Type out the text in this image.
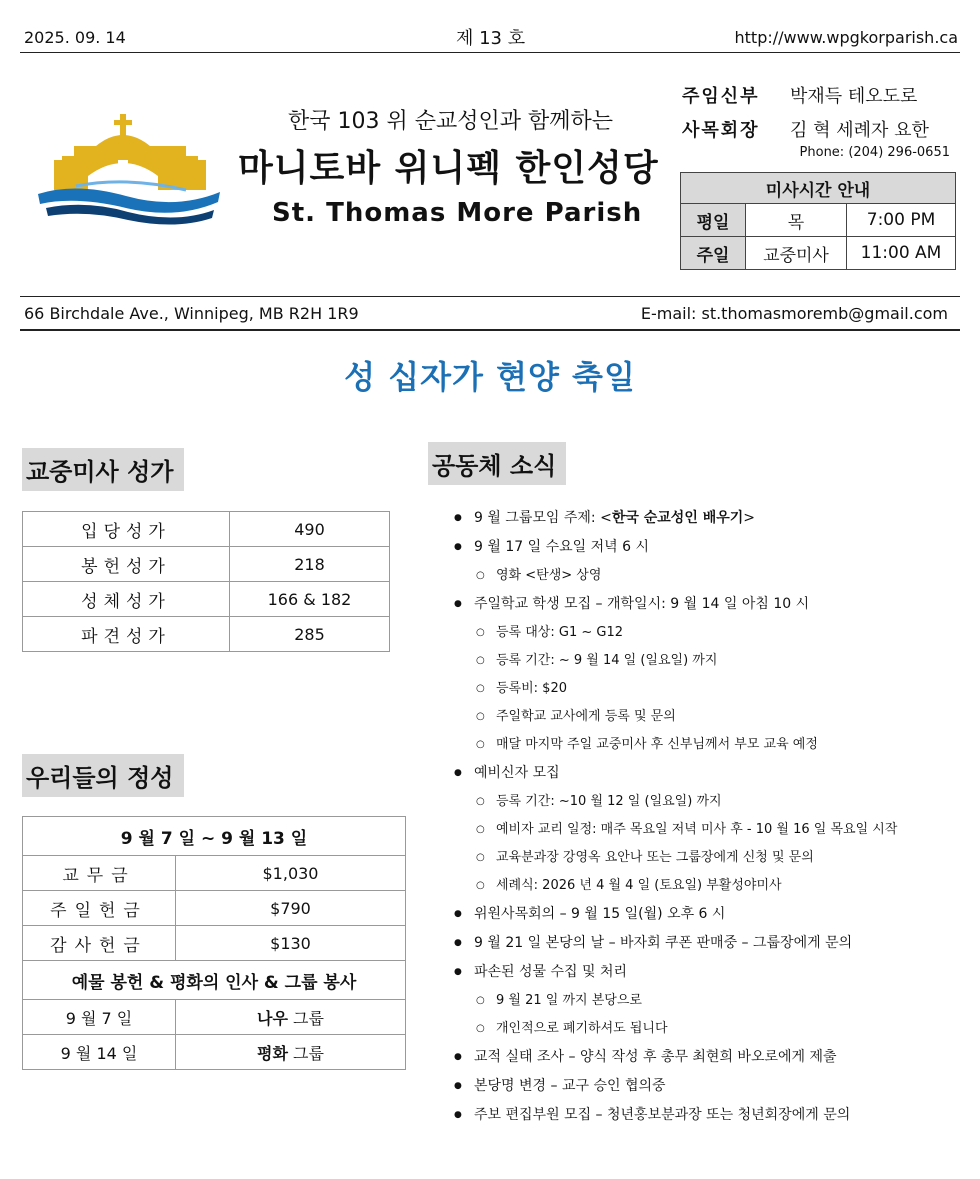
2025. 09. 14	제 13 호	http://www.wpgkorparish.ca
한국 103 위 순교성인과 함께하는
마니토바 위니펙 한인성당
St. Thomas More Parish
주임신부 박재득 테오도로
사목회장 김 혁 세례자 요한
Phone: (204) 296-0651
미사시간 안내		
평일	목	7:00 PM
주일	교중미사	11:00 AM
66 Birchdale Ave., Winnipeg, MB R2H 1R9	E-mail: st.thomasmoremb@gmail.com
성 십자가 현양 축일
교중미사 성가
입당성가	490
봉헌성가	218
성체성가	166 & 182
파견성가	285
우리들의 정성
9 월 7 일 ~ 9 월 13 일	
교무금	$1,030
주일헌금	$790
감사헌금	$130
예물 봉헌 & 평화의 인사 & 그룹 봉사	
9 월 7 일	나우 그룹
9 월 14 일	평화 그룹
공동체 소식
● 9 월 그룹모임 주제: <한국 순교성인 배우기>
● 9 월 17 일 수요일 저녁 6 시
○ 영화 <탄생> 상영
● 주일학교 학생 모집 – 개학일시: 9 월 14 일 아침 10 시
○ 등록 대상: G1 ~ G12
○ 등록 기간: ~ 9 월 14 일 (일요일) 까지
○ 등록비: $20
○ 주일학교 교사에게 등록 및 문의
○ 매달 마지막 주일 교중미사 후 신부님께서 부모 교육 예정
● 예비신자 모집
○ 등록 기간: ~10 월 12 일 (일요일) 까지
○ 예비자 교리 일정: 매주 목요일 저녁 미사 후 - 10 월 16 일 목요일 시작
○ 교육분과장 강영옥 요안나 또는 그룹장에게 신청 및 문의
○ 세례식: 2026 년 4 월 4 일 (토요일) 부활성야미사
● 위원사목회의 – 9 월 15 일(월) 오후 6 시
● 9 월 21 일 본당의 날 – 바자회 쿠폰 판매중 – 그룹장에게 문의
● 파손된 성물 수집 및 처리
○ 9 월 21 일 까지 본당으로
○ 개인적으로 폐기하셔도 됩니다
● 교적 실태 조사 – 양식 작성 후 총무 최현희 바오로에게 제출
● 본당명 변경 – 교구 승인 협의중
● 주보 편집부원 모집 – 청년홍보분과장 또는 청년회장에게 문의
